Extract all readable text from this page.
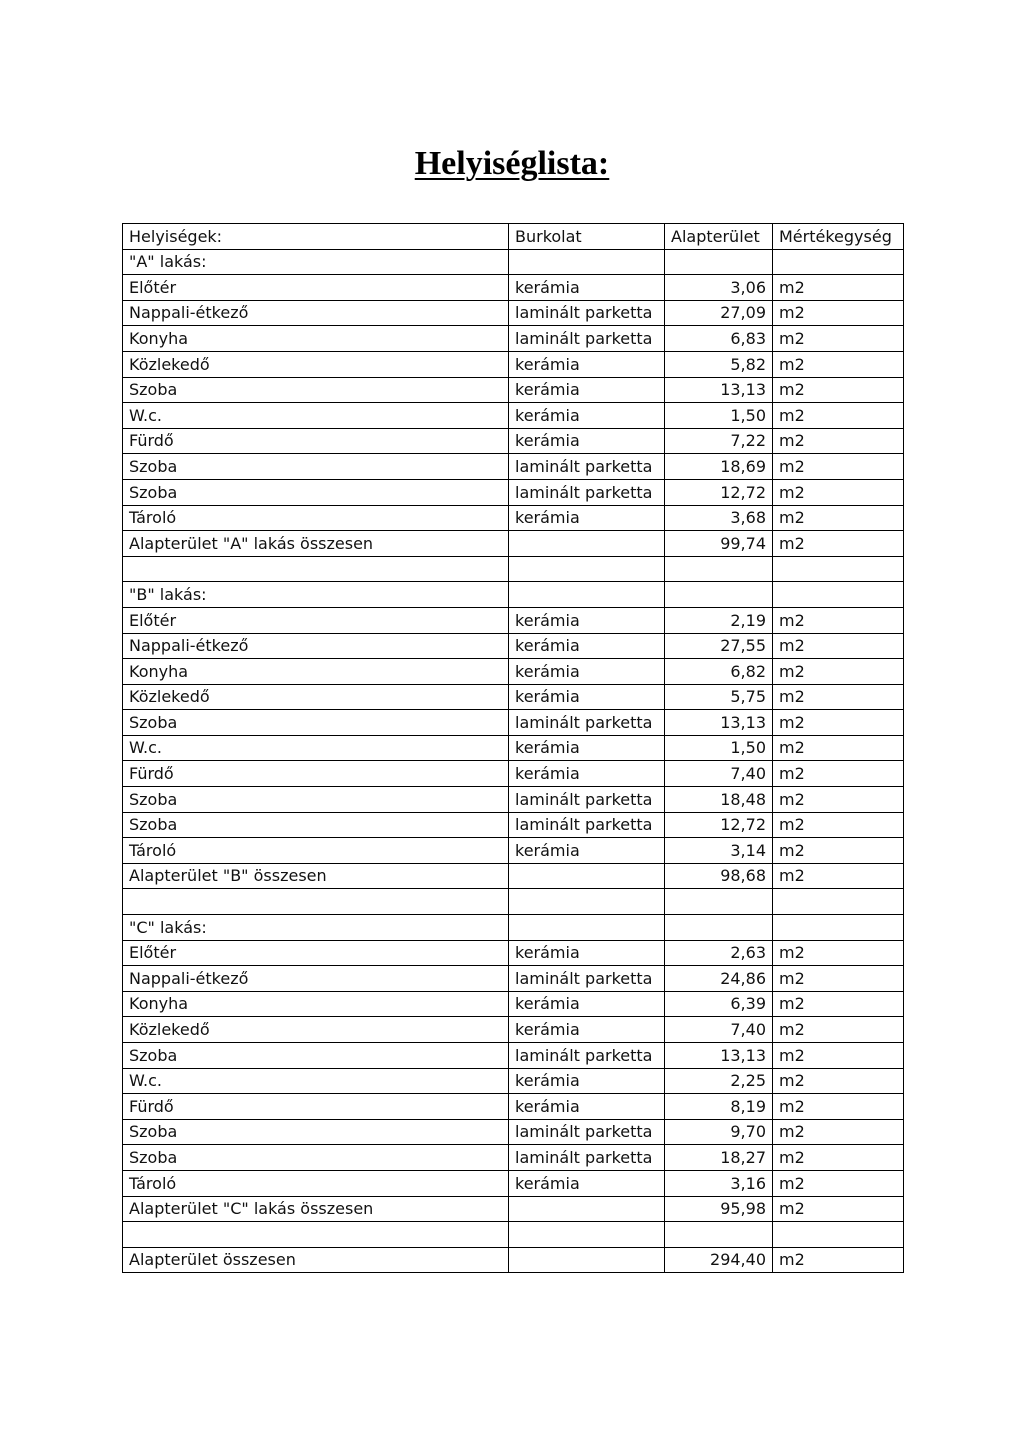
Helyiséglista:
Helyiségek:	Burkolat	Alapterület	Mértékegység
"A" lakás:			
Előtér	kerámia	3,06	m2
Nappali-étkező	laminált parketta	27,09	m2
Konyha	laminált parketta	6,83	m2
Közlekedő	kerámia	5,82	m2
Szoba	kerámia	13,13	m2
W.c.	kerámia	1,50	m2
Fürdő	kerámia	7,22	m2
Szoba	laminált parketta	18,69	m2
Szoba	laminált parketta	12,72	m2
Tároló	kerámia	3,68	m2
Alapterület "A" lakás összesen		99,74	m2

"B" lakás:			
Előtér	kerámia	2,19	m2
Nappali-étkező	kerámia	27,55	m2
Konyha	kerámia	6,82	m2
Közlekedő	kerámia	5,75	m2
Szoba	laminált parketta	13,13	m2
W.c.	kerámia	1,50	m2
Fürdő	kerámia	7,40	m2
Szoba	laminált parketta	18,48	m2
Szoba	laminált parketta	12,72	m2
Tároló	kerámia	3,14	m2
Alapterület "B" összesen		98,68	m2

"C" lakás:			
Előtér	kerámia	2,63	m2
Nappali-étkező	laminált parketta	24,86	m2
Konyha	kerámia	6,39	m2
Közlekedő	kerámia	7,40	m2
Szoba	laminált parketta	13,13	m2
W.c.	kerámia	2,25	m2
Fürdő	kerámia	8,19	m2
Szoba	laminált parketta	9,70	m2
Szoba	laminált parketta	18,27	m2
Tároló	kerámia	3,16	m2
Alapterület "C" lakás összesen		95,98	m2

Alapterület összesen		294,40	m2
